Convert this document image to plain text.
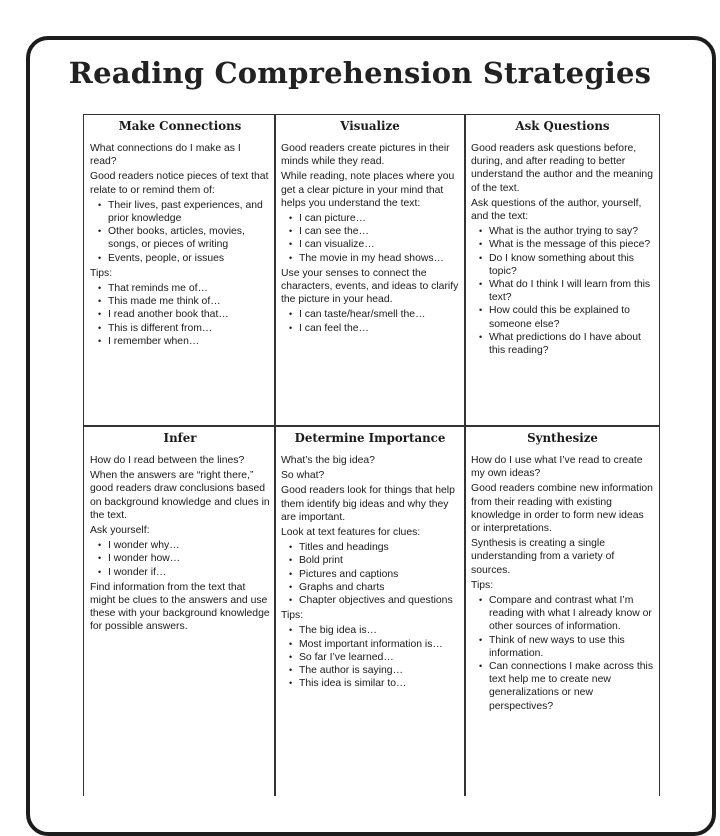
Reading Comprehension Strategies
Make Connections

What connections do I make as I read?

Good readers notice pieces of text that relate to or remind them of:

• Their lives, past experiences, and prior knowledge
• Other books, articles, movies, songs, or pieces of writing
• Events, people, or issues

Tips:

• That reminds me of…
• This made me think of…
• I read another book that…
• This is different from…
• I remember when…
Visualize

Good readers create pictures in their minds while they read.

While reading, note places where you get a clear picture in your mind that helps you understand the text:

• I can picture…
• I can see the…
• I can visualize…
• The movie in my head shows…

Use your senses to connect the characters, events, and ideas to clarify the picture in your head.

• I can taste/hear/smell the…
• I can feel the…
Ask Questions

Good readers ask questions before, during, and after reading to better understand the author and the meaning of the text.

Ask questions of the author, yourself, and the text:

• What is the author trying to say?
• What is the message of this piece?
• Do I know something about this topic?
• What do I think I will learn from this text?
• How could this be explained to someone else?
• What predictions do I have about this reading?
Infer

How do I read between the lines?

When the answers are “right there,” good readers draw conclusions based on background knowledge and clues in the text.

Ask yourself:

• I wonder why…
• I wonder how…
• I wonder if…

Find information from the text that might be clues to the answers and use these with your background knowledge for possible answers.

Determine Importance

What’s the big idea?

So what?

Good readers look for things that help them identify big ideas and why they are important.

Look at text features for clues:

• Titles and headings
• Bold print
• Pictures and captions
• Graphs and charts
• Chapter objectives and questions

Tips:

• The big idea is…
• Most important information is…
• So far I’ve learned…
• The author is saying…
• This idea is similar to…
Synthesize

How do I use what I’ve read to create my own ideas?

Good readers combine new information from their reading with existing knowledge in order to form new ideas or interpretations.

Synthesis is creating a single understanding from a variety of sources.

Tips:

• Compare and contrast what I’m reading with what I already know or other sources of information.
• Think of new ways to use this information.
• Can connections I make across this text help me to create new generalizations or new perspectives?
